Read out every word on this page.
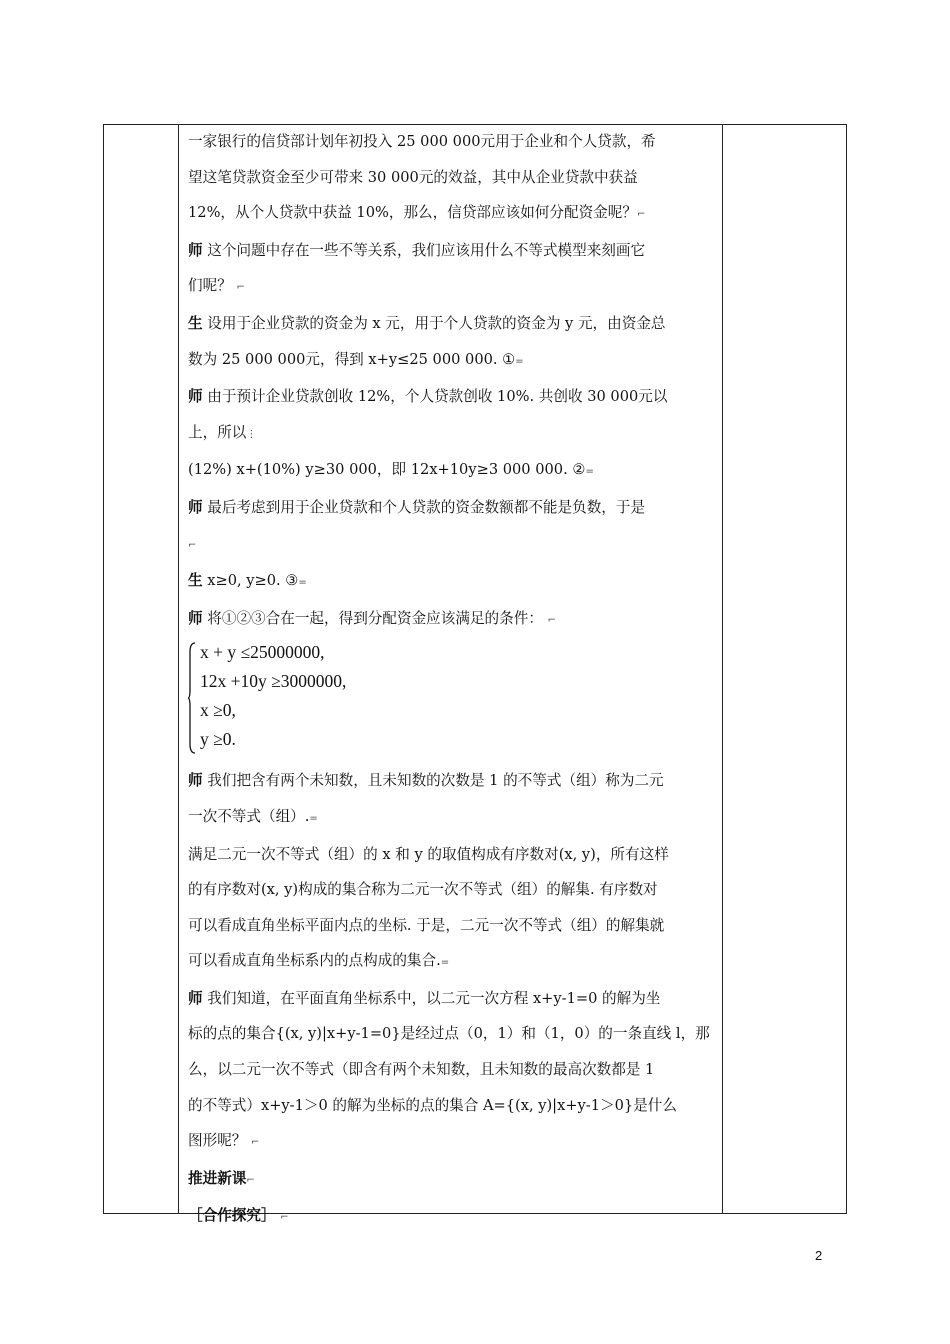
一家银行的信贷部计划年初投入 25 000 000元用于企业和个人贷款，希

望这笔贷款资金至少可带来 30 000元的效益，其中从企业贷款中获益

12%，从个人贷款中获益 10%，那么，信贷部应该如何分配资金呢？⌐

师 这个问题中存在一些不等关系，我们应该用什么不等式模型来刻画它

们呢？ ⌐

生 设用于企业贷款的资金为 x 元，用于个人贷款的资金为 y 元，由资金总

数为 25 000 000元，得到 x+y≤25 000 000. ①=

师 由于预计企业贷款创收 12%，个人贷款创收 10%. 共创收 30 000元以

上，所以⋮

(12%) x+(10%) y≥30 000，即 12x+10y≥3 000 000. ②=

师 最后考虑到用于企业贷款和个人贷款的资金数额都不能是负数，于是

⌐

生 x≥0, y≥0. ③=

师 将①②③合在一起，得到分配资金应该满足的条件： ⌐

x + y ≤25000000,
12x +10y ≥3000000,
x ≥0,
y ≥0.

师 我们把含有两个未知数，且未知数的次数是 1 的不等式（组）称为二元

一次不等式（组）.=

满足二元一次不等式（组）的 x 和 y 的取值构成有序数对(x, y)，所有这样

的有序数对(x, y)构成的集合称为二元一次不等式（组）的解集. 有序数对

可以看成直角坐标平面内点的坐标. 于是，二元一次不等式（组）的解集就

可以看成直角坐标系内的点构成的集合.=

师 我们知道，在平面直角坐标系中，以二元一次方程 x+y-1=0 的解为坐

标的点的集合{(x, y)|x+y-1=0}是经过点（0，1）和（1，0）的一条直线 l，那

么，以二元一次不等式（即含有两个未知数，且未知数的最高次数都是 1

的不等式）x+y-1＞0 的解为坐标的点的集合 A={(x, y)|x+y-1＞0}是什么

图形呢？ ⌐

推进新课⌐

［合作探究］ ⌐

2
